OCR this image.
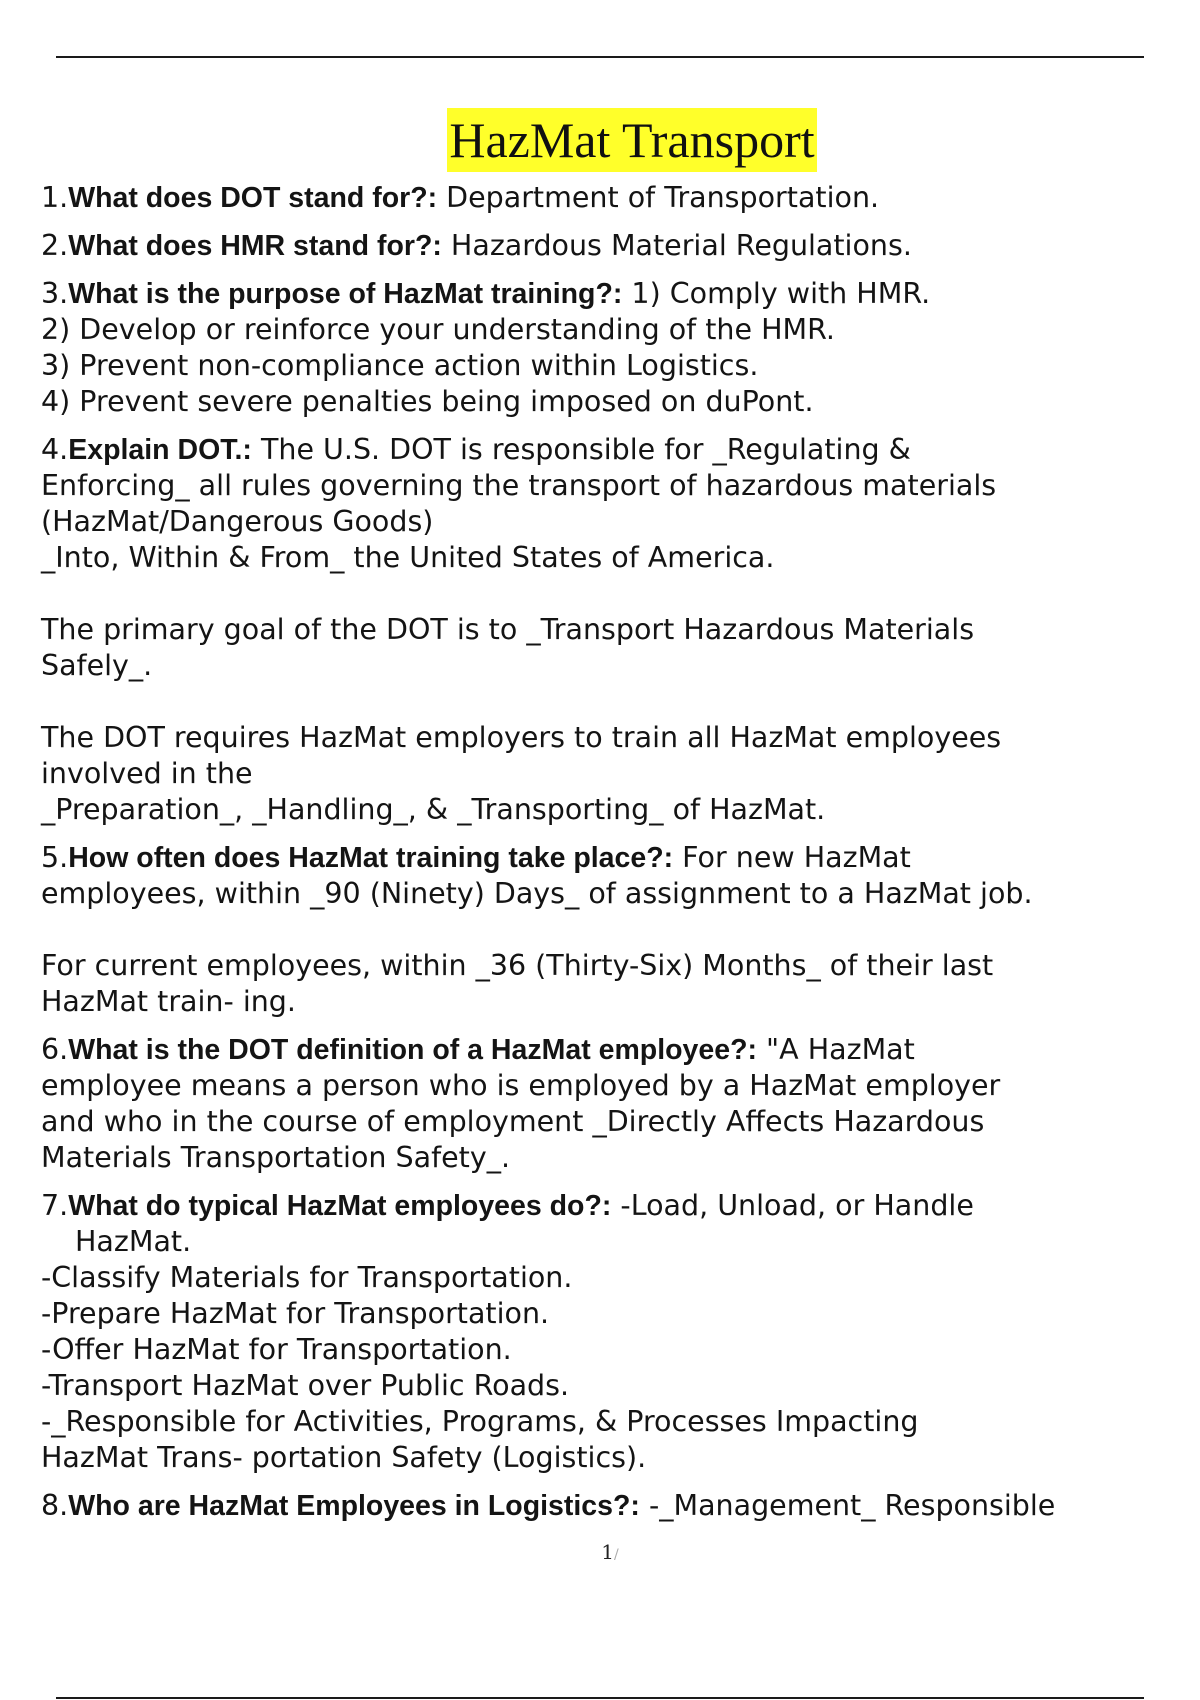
HazMat Transport

1.What does DOT stand for?: Department of Transportation.

2.What does HMR stand for?: Hazardous Material Regulations.

3.What is the purpose of HazMat training?: 1) Comply with HMR.

2) Develop or reinforce your understanding of the HMR.

3) Prevent non-compliance action within Logistics.

4) Prevent severe penalties being imposed on duPont.

4.Explain DOT.: The U.S. DOT is responsible for _Regulating &

Enforcing_ all rules governing the transport of hazardous materials

(HazMat/Dangerous Goods)

_Into, Within & From_ the United States of America.

The primary goal of the DOT is to _Transport Hazardous Materials

Safely_.

The DOT requires HazMat employers to train all HazMat employees

involved in the

_Preparation_, _Handling_, & _Transporting_ of HazMat.

5.How often does HazMat training take place?: For new HazMat

employees, within _90 (Ninety) Days_ of assignment to a HazMat job.

For current employees, within _36 (Thirty-Six) Months_ of their last

HazMat train- ing.

6.What is the DOT definition of a HazMat employee?: "A HazMat

employee means a person who is employed by a HazMat employer

and who in the course of employment _Directly Affects Hazardous

Materials Transportation Safety_.

7.What do typical HazMat employees do?: -Load, Unload, or Handle

HazMat.

-Classify Materials for Transportation.

-Prepare HazMat for Transportation.

-Offer HazMat for Transportation.

-Transport HazMat over Public Roads.

-_Responsible for Activities, Programs, & Processes Impacting

HazMat Trans- portation Safety (Logistics).

8.Who are HazMat Employees in Logistics?: -_Management_ Responsible

1/
